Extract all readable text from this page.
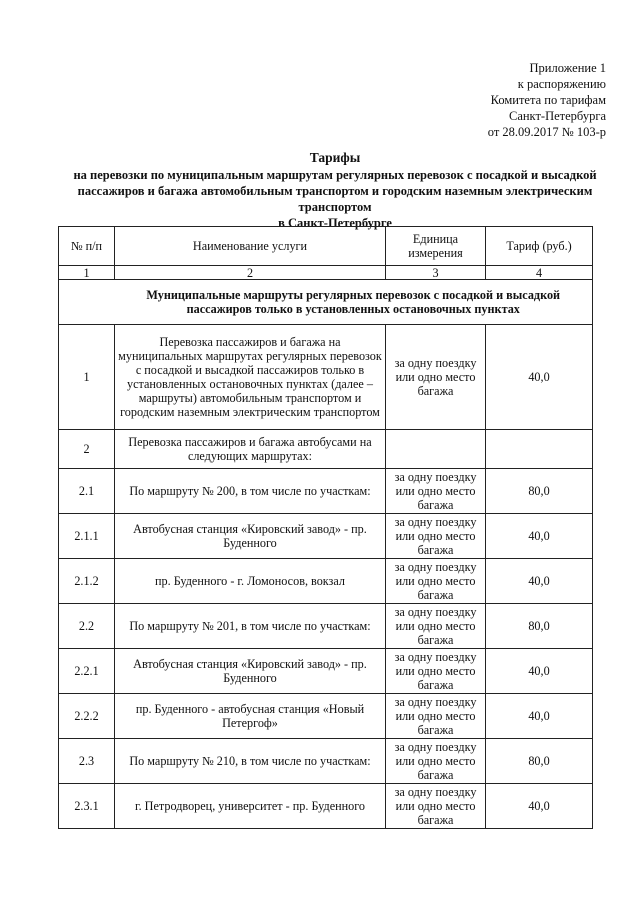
Приложение 1
к распоряжению
Комитета по тарифам
Санкт-Петербурга
от 28.09.2017 № 103-р
Тарифы
на перевозки по муниципальным маршрутам регулярных перевозок с посадкой и высадкой
пассажиров и багажа автомобильным транспортом и городским наземным электрическим транспортом
в Санкт-Петербурге
№ п/п	Наименование услуги	Единица измерения	Тариф (руб.)
1	2	3	4
	Муниципальные маршруты регулярных перевозок с посадкой и высадкой пассажиров только в установленных остановочных пунктах		
1	Перевозка пассажиров и багажа на муниципальных маршрутах регулярных перевозок с посадкой и высадкой пассажиров только в установленных остановочных пунктах (далее – маршруты) автомобильным транспортом и городским наземным электрическим транспортом	за одну поездку или одно место багажа	40,0
2	Перевозка пассажиров и багажа автобусами на следующих маршрутах:		
2.1	По маршруту № 200, в том числе по участкам:	за одну поездку или одно место багажа	80,0
2.1.1	Автобусная станция «Кировский завод» - пр. Буденного	за одну поездку или одно место багажа	40,0
2.1.2	пр. Буденного - г. Ломоносов, вокзал	за одну поездку или одно место багажа	40,0
2.2	По маршруту № 201, в том числе по участкам:	за одну поездку или одно место багажа	80,0
2.2.1	Автобусная станция «Кировский завод» - пр. Буденного	за одну поездку или одно место багажа	40,0
2.2.2	пр. Буденного - автобусная станция «Новый Петергоф»	за одну поездку или одно место багажа	40,0
2.3	По маршруту № 210, в том числе по участкам:	за одну поездку или одно место багажа	80,0
2.3.1	г. Петродворец, университет - пр. Буденного	за одну поездку или одно место багажа	40,0
